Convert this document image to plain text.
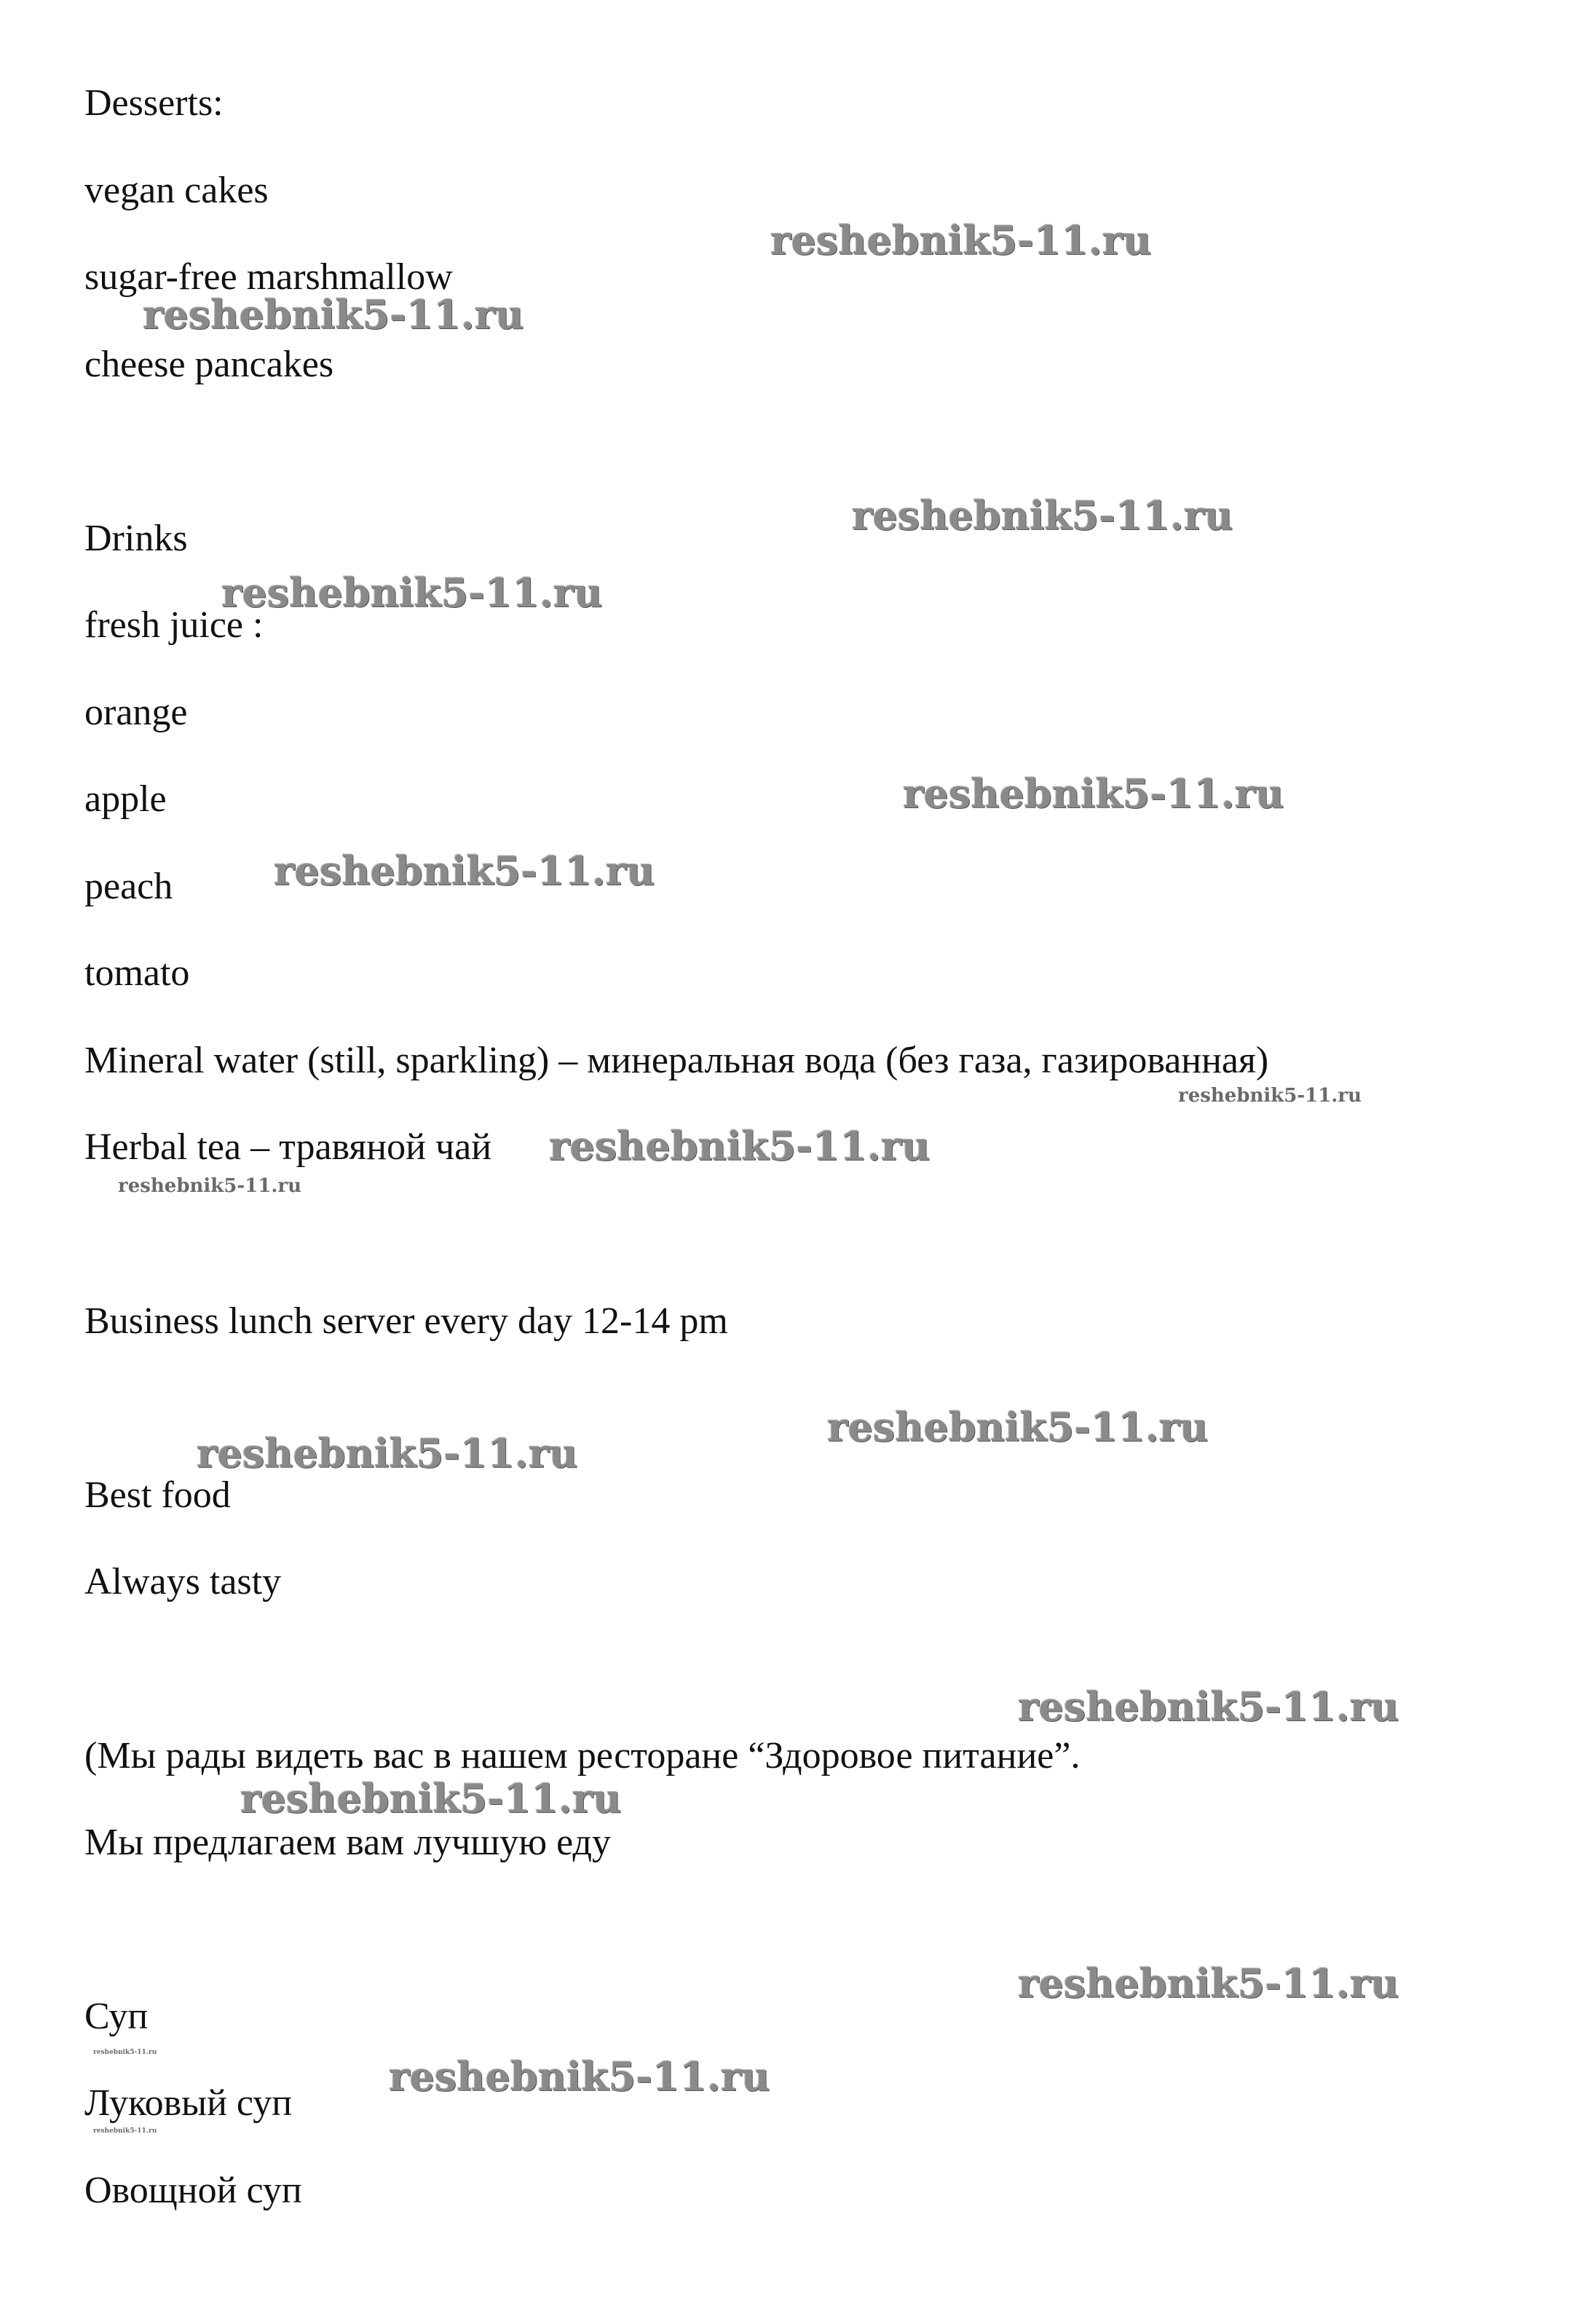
Desserts:

vegan cakes

sugar-free marshmallow

cheese pancakes

Drinks

fresh juice :

orange

apple

peach

tomato

Mineral water (still, sparkling) – минеральная вода (без газа, газированная)

Herbal tea – травяной чай

Business lunch server every day 12-14 pm

Best food

Always tasty

(Мы рады видеть вас в нашем ресторане “Здоровое питание”.

Мы предлагаем вам лучшую еду

Суп

Луковый суп

Овощной суп

reshebnik5-11.ru
reshebnik5-11.ru
reshebnik5-11.ru
reshebnik5-11.ru
reshebnik5-11.ru
reshebnik5-11.ru
reshebnik5-11.ru
reshebnik5-11.ru
reshebnik5-11.ru
reshebnik5-11.ru
reshebnik5-11.ru
reshebnik5-11.ru
reshebnik5-11.ru
reshebnik5-11.ru
reshebnik5-11.ru
reshebnik5-11.ru
reshebnik5-11.ru
